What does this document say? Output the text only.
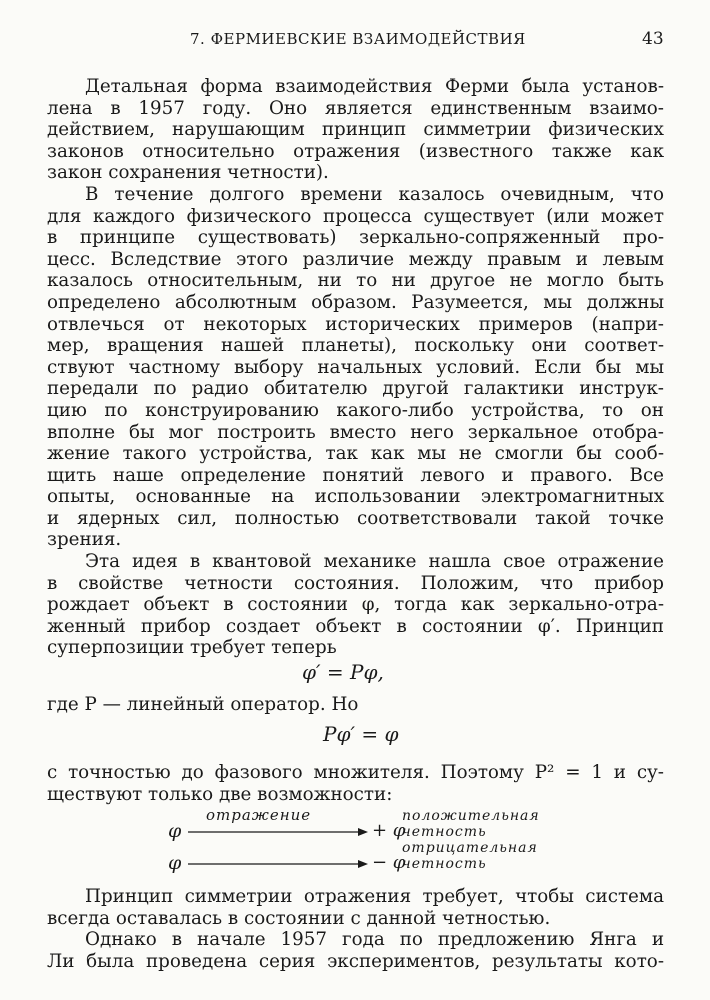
7. ФЕРМИЕВСКИЕ ВЗАИМОДЕЙСТВИЯ	43
Детальная форма взаимодействия Ферми была установ-
лена в 1957 году. Оно является единственным взаимо-
действием, нарушающим принцип симметрии физических
законов относительно отражения (известного также как
закон сохранения четности).
В течение долгого времени казалось очевидным, что
для каждого физического процесса существует (или может
в принципе существовать) зеркально-сопряженный про-
цесс. Вследствие этого различие между правым и левым
казалось относительным, ни то ни другое не могло быть
определено абсолютным образом. Разумеется, мы должны
отвлечься от некоторых исторических примеров (напри-
мер, вращения нашей планеты), поскольку они соответ-
ствуют частному выбору начальных условий. Если бы мы
передали по радио обитателю другой галактики инструк-
цию по конструированию какого-либо устройства, то он
вполне бы мог построить вместо него зеркальное отобра-
жение такого устройства, так как мы не смогли бы сооб-
щить наше определение понятий левого и правого. Все
опыты, основанные на использовании электромагнитных
и ядерных сил, полностью соответствовали такой точке
зрения.
Эта идея в квантовой механике нашла свое отражение
в свойстве четности состояния. Положим, что прибор
рождает объект в состоянии φ, тогда как зеркально-отра-
женный прибор создает объект в состоянии φ′. Принцип
суперпозиции требует теперь
φ′ = Pφ,
где P — линейный оператор. Но
Pφ′ = φ
с точностью до фазового множителя. Поэтому P² = 1 и су-
ществуют только две возможности:
φ
отражение
+ φ
положительная
четность
φ	− φ
отрицательная
четность
Принцип симметрии отражения требует, чтобы система
всегда оставалась в состоянии с данной четностью.
Однако в начале 1957 года по предложению Янга и
Ли была проведена серия экспериментов, результаты кото-
